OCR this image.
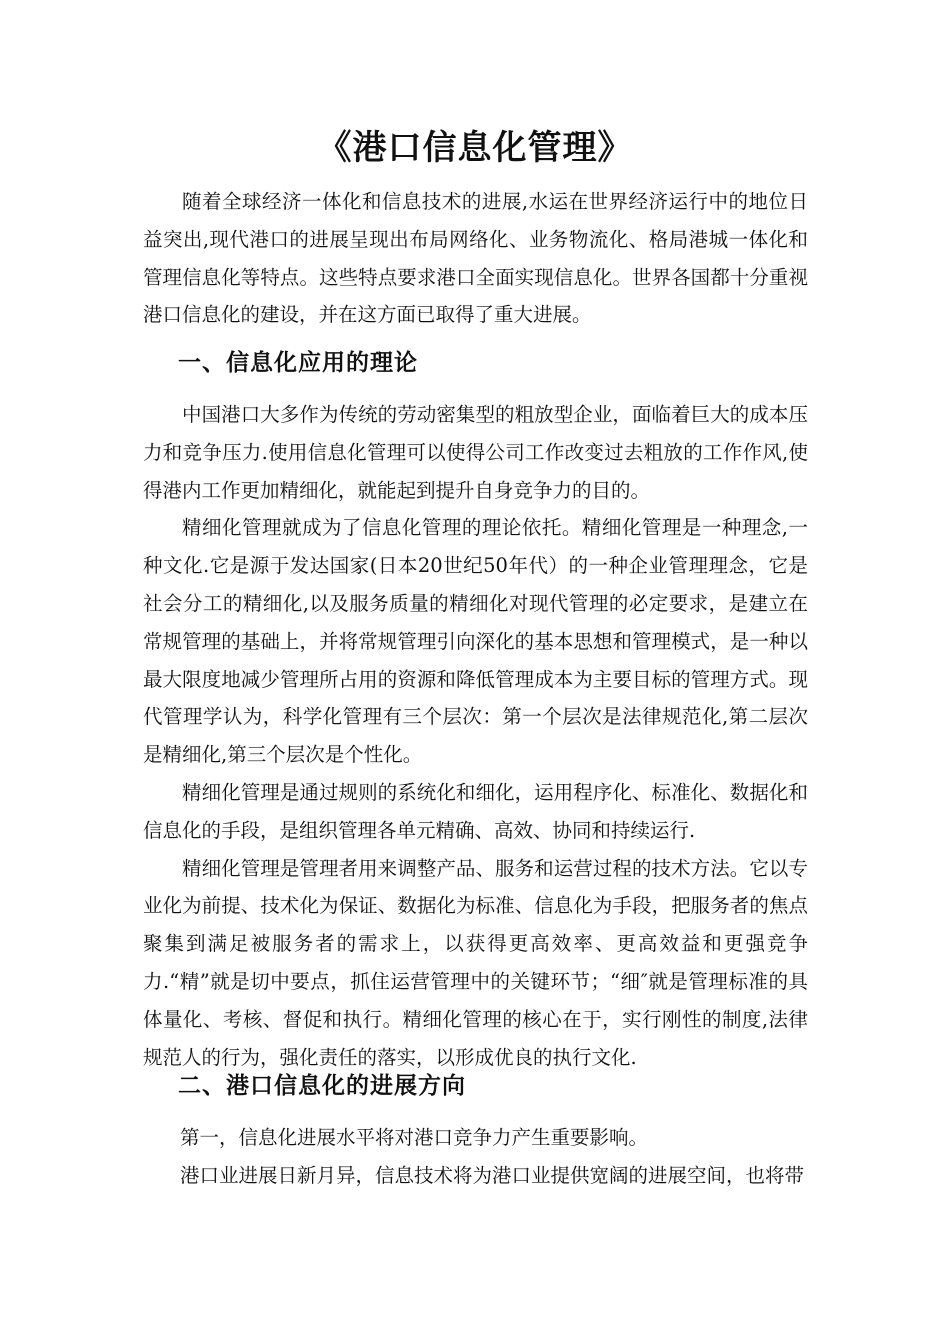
《港口信息化管理》

随着全球经济一体化和信息技术的进展,水运在世界经济运行中的地位日益突出,现代港口的进展呈现出布局网络化、业务物流化、格局港城一体化和管理信息化等特点。这些特点要求港口全面实现信息化。世界各国都十分重视港口信息化的建设，并在这方面已取得了重大进展。

一、信息化应用的理论

中国港口大多作为传统的劳动密集型的粗放型企业，面临着巨大的成本压力和竞争压力.使用信息化管理可以使得公司工作改变过去粗放的工作作风,使得港内工作更加精细化，就能起到提升自身竞争力的目的。

精细化管理就成为了信息化管理的理论依托。精细化管理是一种理念,一种文化.它是源于发达国家(日本20世纪50年代）的一种企业管理理念，它是社会分工的精细化,以及服务质量的精细化对现代管理的必定要求，是建立在常规管理的基础上，并将常规管理引向深化的基本思想和管理模式，是一种以最大限度地减少管理所占用的资源和降低管理成本为主要目标的管理方式。现代管理学认为，科学化管理有三个层次：第一个层次是法律规范化,第二层次是精细化,第三个层次是个性化。

精细化管理是通过规则的系统化和细化，运用程序化、标准化、数据化和信息化的手段，是组织管理各单元精确、高效、协同和持续运行.

精细化管理是管理者用来调整产品、服务和运营过程的技术方法。它以专业化为前提、技术化为保证、数据化为标准、信息化为手段，把服务者的焦点聚集到满足被服务者的需求上，以获得更高效率、更高效益和更强竞争力.“精”就是切中要点，抓住运营管理中的关键环节；“细″就是管理标准的具体量化、考核、督促和执行。精细化管理的核心在于，实行刚性的制度,法律规范人的行为，强化责任的落实，以形成优良的执行文化.

二、港口信息化的进展方向

第一，信息化进展水平将对港口竞争力产生重要影响。

港口业进展日新月异，信息技术将为港口业提供宽阔的进展空间，也将带
